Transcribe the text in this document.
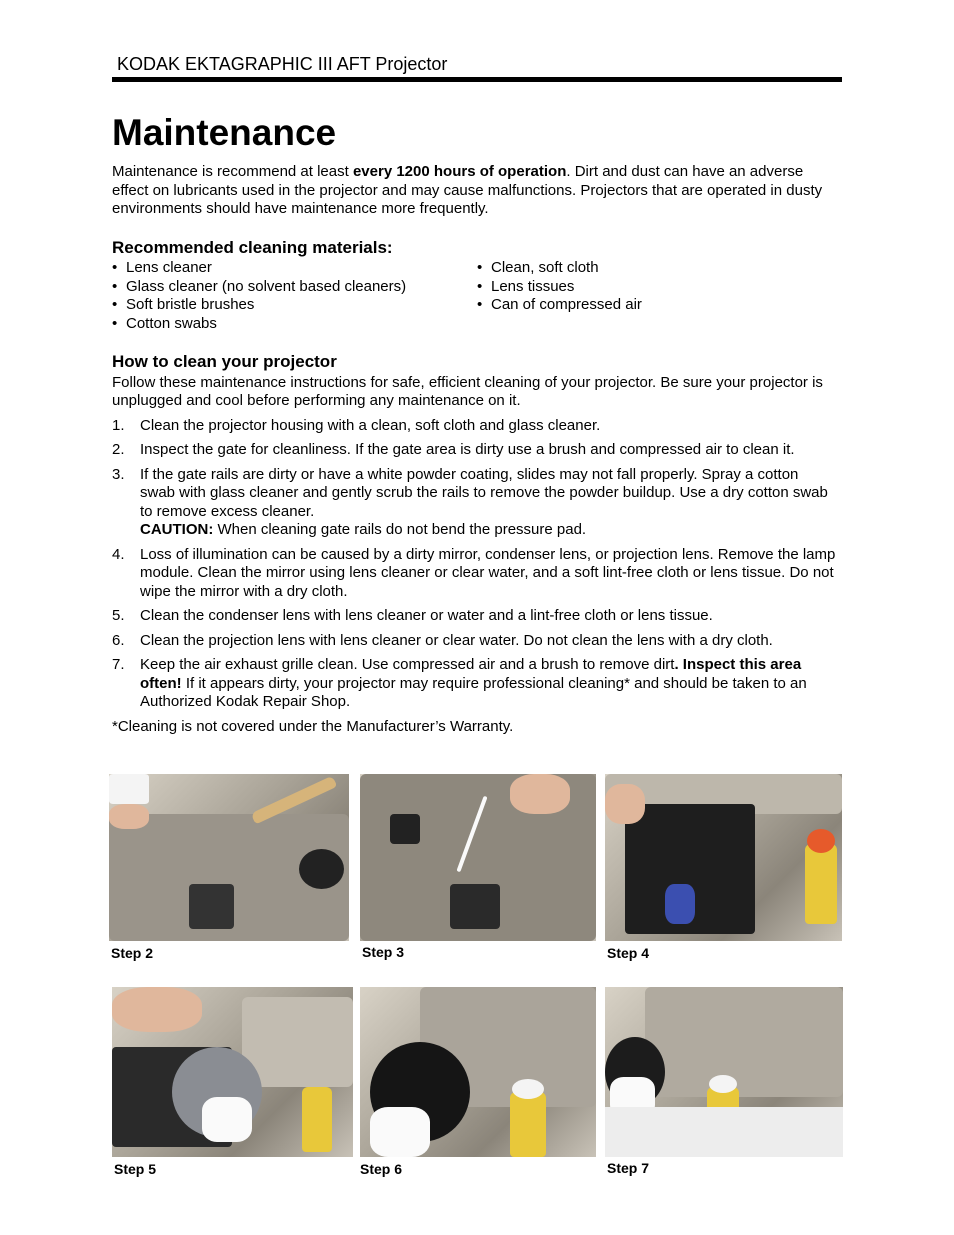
KODAK EKTAGRAPHIC III AFT Projector
Maintenance

Maintenance is recommend at least every 1200 hours of operation. Dirt and dust can have an adverse effect on lubricants used in the projector and may cause malfunctions. Projectors that are operated in dusty environments should have maintenance more frequently.

Recommended cleaning materials:
• Lens cleaner
• Glass cleaner (no solvent based cleaners)
• Soft bristle brushes
• Cotton swabs
• Clean, soft cloth
• Lens tissues
• Can of compressed air
How to clean your projector

Follow these maintenance instructions for safe, efficient cleaning of your projector. Be sure your projector is unplugged and cool before performing any maintenance on it.

1. Clean the projector housing with a clean, soft cloth and glass cleaner.
2. Inspect the gate for cleanliness. If the gate area is dirty use a brush and compressed air to clean it.
3. If the gate rails are dirty or have a white powder coating, slides may not fall properly. Spray a cotton swab with glass cleaner and gently scrub the rails to remove the powder buildup. Use a dry cotton swab to remove excess cleaner.
CAUTION: When cleaning gate rails do not bend the pressure pad.
4. Loss of illumination can be caused by a dirty mirror, condenser lens, or projection lens. Remove the lamp module. Clean the mirror using lens cleaner or clear water, and a soft lint-free cloth or lens tissue. Do not wipe the mirror with a dry cloth.
5. Clean the condenser lens with lens cleaner or water and a lint-free cloth or lens tissue.
6. Clean the projection lens with lens cleaner or clear water. Do not clean the lens with a dry cloth.
7. Keep the air exhaust grille clean. Use compressed air and a brush to remove dirt. Inspect this area often! If it appears dirty, your projector may require professional cleaning* and should be taken to an Authorized Kodak Repair Shop.

*Cleaning is not covered under the Manufacturer’s Warranty.

Step 2	Step 3	Step 4
Step 5	Step 6	Step 7
